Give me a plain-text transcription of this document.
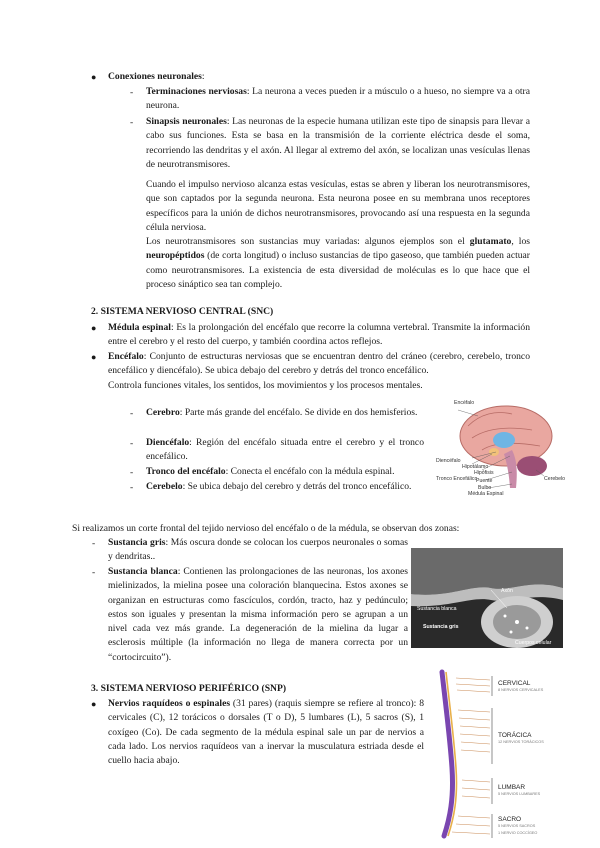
● Conexiones neuronales:
- Terminaciones nerviosas: La neurona a veces pueden ir a músculo o a hueso, no siempre va a otra neurona.
- Sinapsis neuronales: Las neuronas de la especie humana utilizan este tipo de sinapsis para llevar a cabo sus funciones. Esta se basa en la transmisión de la corriente eléctrica desde el soma, recorriendo las dendritas y el axón. Al llegar al extremo del axón, se localizan unas vesículas llenas de neurotransmisores.
Cuando el impulso nervioso alcanza estas vesículas, estas se abren y liberan los neurotransmisores, que son captados por la segunda neurona. Esta neurona posee en su membrana unos receptores específicos para la unión de dichos neurotransmisores, provocando así una respuesta en la segunda célula nerviosa.
Los neurotransmisores son sustancias muy variadas: algunos ejemplos son el glutamato, los neuropéptidos (de corta longitud) o incluso sustancias de tipo gaseoso, que también pueden actuar como neurotransmisores. La existencia de esta diversidad de moléculas es lo que hace que el proceso sináptico sea tan complejo.
2. SISTEMA NERVIOSO CENTRAL (SNC)
● Médula espinal: Es la prolongación del encéfalo que recorre la columna vertebral. Transmite la información entre el cerebro y el resto del cuerpo, y también coordina actos reflejos.
● Encéfalo: Conjunto de estructuras nerviosas que se encuentran dentro del cráneo (cerebro, cerebelo, tronco encefálico y diencéfalo). Se ubica debajo del cerebro y detrás del tronco encefálico.
Controla funciones vitales, los sentidos, los movimientos y los procesos mentales.
- Cerebro: Parte más grande del encéfalo. Se divide en dos hemisferios.
- Diencéfalo: Región del encéfalo situada entre el cerebro y el tronco encefálico.
- Tronco del encéfalo: Conecta el encéfalo con la médula espinal.
- Cerebelo: Se ubica debajo del cerebro y detrás del tronco encefálico.
Encéfalo
Diencéfalo
Hipotálamo
Hipófisis
Tronco Encefálico
Puente
Bulbo
Médula Espinal
Cerebelo
Si realizamos un corte frontal del tejido nervioso del encéfalo o de la médula, se observan dos zonas:
- Sustancia gris: Más oscura donde se colocan los cuerpos neuronales o somas y dendritas..
- Sustancia blanca: Contienen las prolongaciones de las neuronas, los axones mielinizados, la mielina posee una coloración blanquecina. Estos axones se organizan en estructuras como fascículos, cordón, tracto, haz y pedúnculo; estos son iguales y presentan la misma información pero se agrupan a un nivel cada vez más grande. La degeneración de la mielina da lugar a esclerosis múltiple (la información no llega de manera correcta por un “cortocircuito”).
Axón
Sustancia blanca
Sustancia gris
Cuerpos celular
3. SISTEMA NERVIOSO PERIFÉRICO (SNP)
● Nervios raquídeos o espinales (31 pares) (raquis siempre se refiere al tronco): 8 cervicales (C), 12 torácicos o dorsales (T o D), 5 lumbares (L), 5 sacros (S), 1 coxígeo (Co). De cada segmento de la médula espinal sale un par de nervios a cada lado. Los nervios raquídeos van a inervar la musculatura estriada desde el cuello hacia abajo.
CERVICAL
8 NERVIOS CERVICALES
TORÁCICA
12 NERVIOS TORÁCICOS
LUMBAR
5 NERVIOS LUMBARES
SACRO
5 NERVIOS SACROS
1 NERVIO COCCÍGEO
